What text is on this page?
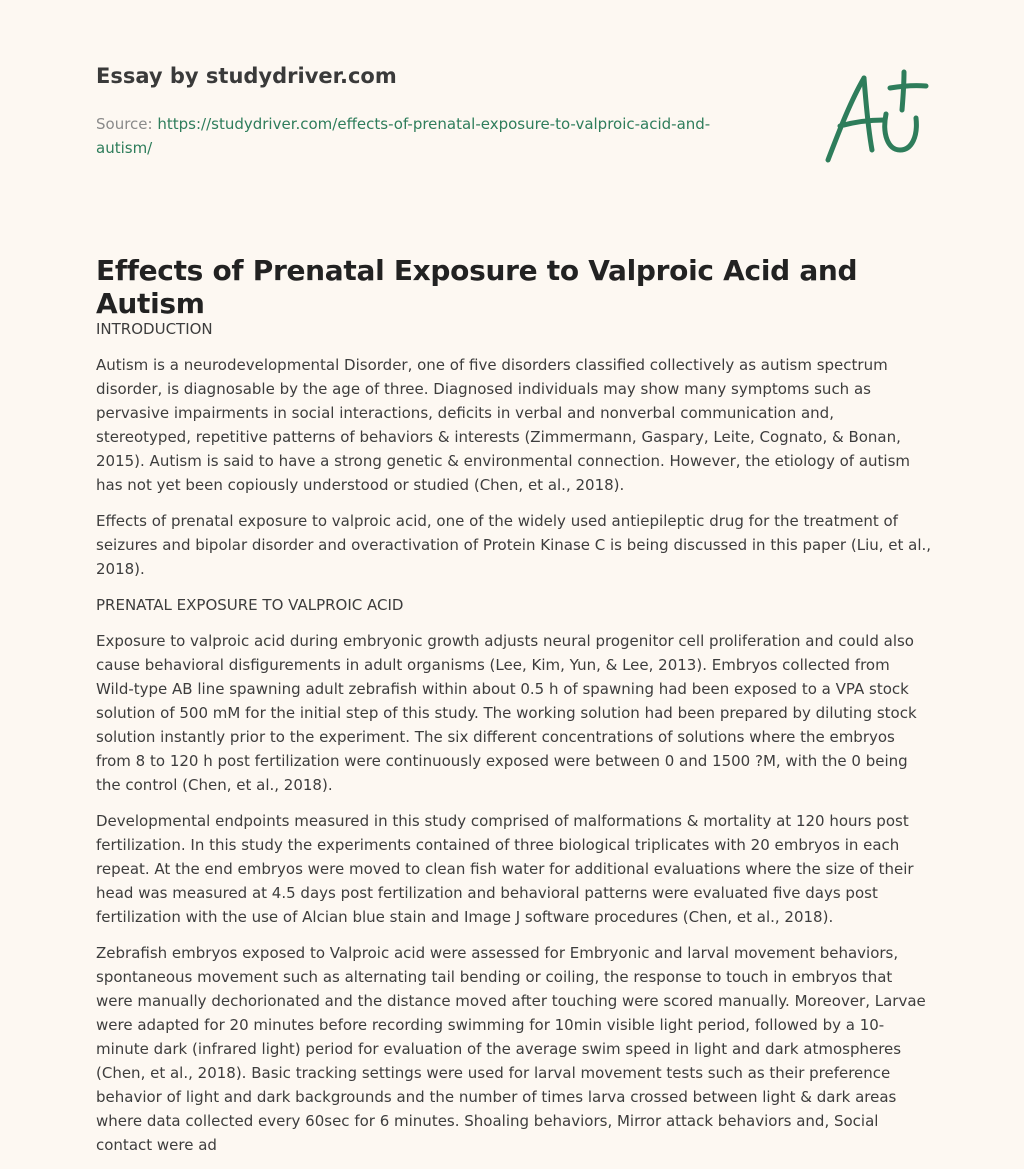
Essay by studydriver.com
Source: https://studydriver.com/effects-of-prenatal-exposure-to-valproic-acid-and-autism/
Effects of Prenatal Exposure to Valproic Acid and Autism

INTRODUCTION

Autism is a neurodevelopmental Disorder, one of five disorders classified collectively as autism spectrum disorder, is diagnosable by the age of three. Diagnosed individuals may show many symptoms such as pervasive impairments in social interactions, deficits in verbal and nonverbal communication and, stereotyped, repetitive patterns of behaviors & interests (Zimmermann, Gaspary, Leite, Cognato, & Bonan, 2015). Autism is said to have a strong genetic & environmental connection. However, the etiology of autism has not yet been copiously understood or studied (Chen, et al., 2018).

Effects of prenatal exposure to valproic acid, one of the widely used antiepileptic drug for the treatment of seizures and bipolar disorder and overactivation of Protein Kinase C is being discussed in this paper (Liu, et al., 2018).

PRENATAL EXPOSURE TO VALPROIC ACID

Exposure to valproic acid during embryonic growth adjusts neural progenitor cell proliferation and could also cause behavioral disfigurements in adult organisms (Lee, Kim, Yun, & Lee, 2013). Embryos collected from Wild-type AB line spawning adult zebrafish within about 0.5 h of spawning had been exposed to a VPA stock solution of 500 mM for the initial step of this study. The working solution had been prepared by diluting stock solution instantly prior to the experiment. The six different concentrations of solutions where the embryos from 8 to 120 h post fertilization were continuously exposed were between 0 and 1500 ?M, with the 0 being the control (Chen, et al., 2018).

Developmental endpoints measured in this study comprised of malformations & mortality at 120 hours post fertilization. In this study the experiments contained of three biological triplicates with 20 embryos in each repeat. At the end embryos were moved to clean fish water for additional evaluations where the size of their head was measured at 4.5 days post fertilization and behavioral patterns were evaluated five days post fertilization with the use of Alcian blue stain and Image J software procedures (Chen, et al., 2018).

Zebrafish embryos exposed to Valproic acid were assessed for Embryonic and larval movement behaviors, spontaneous movement such as alternating tail bending or coiling, the response to touch in embryos that were manually dechorionated and the distance moved after touching were scored manually. Moreover, Larvae were adapted for 20 minutes before recording swimming for 10min visible light period, followed by a 10-minute dark (infrared light) period for evaluation of the average swim speed in light and dark atmospheres (Chen, et al., 2018). Basic tracking settings were used for larval movement tests such as their preference behavior of light and dark backgrounds and the number of times larva crossed between light & dark areas where data collected every 60sec for 6 minutes. Shoaling behaviors, Mirror attack behaviors and, Social contact were ad
